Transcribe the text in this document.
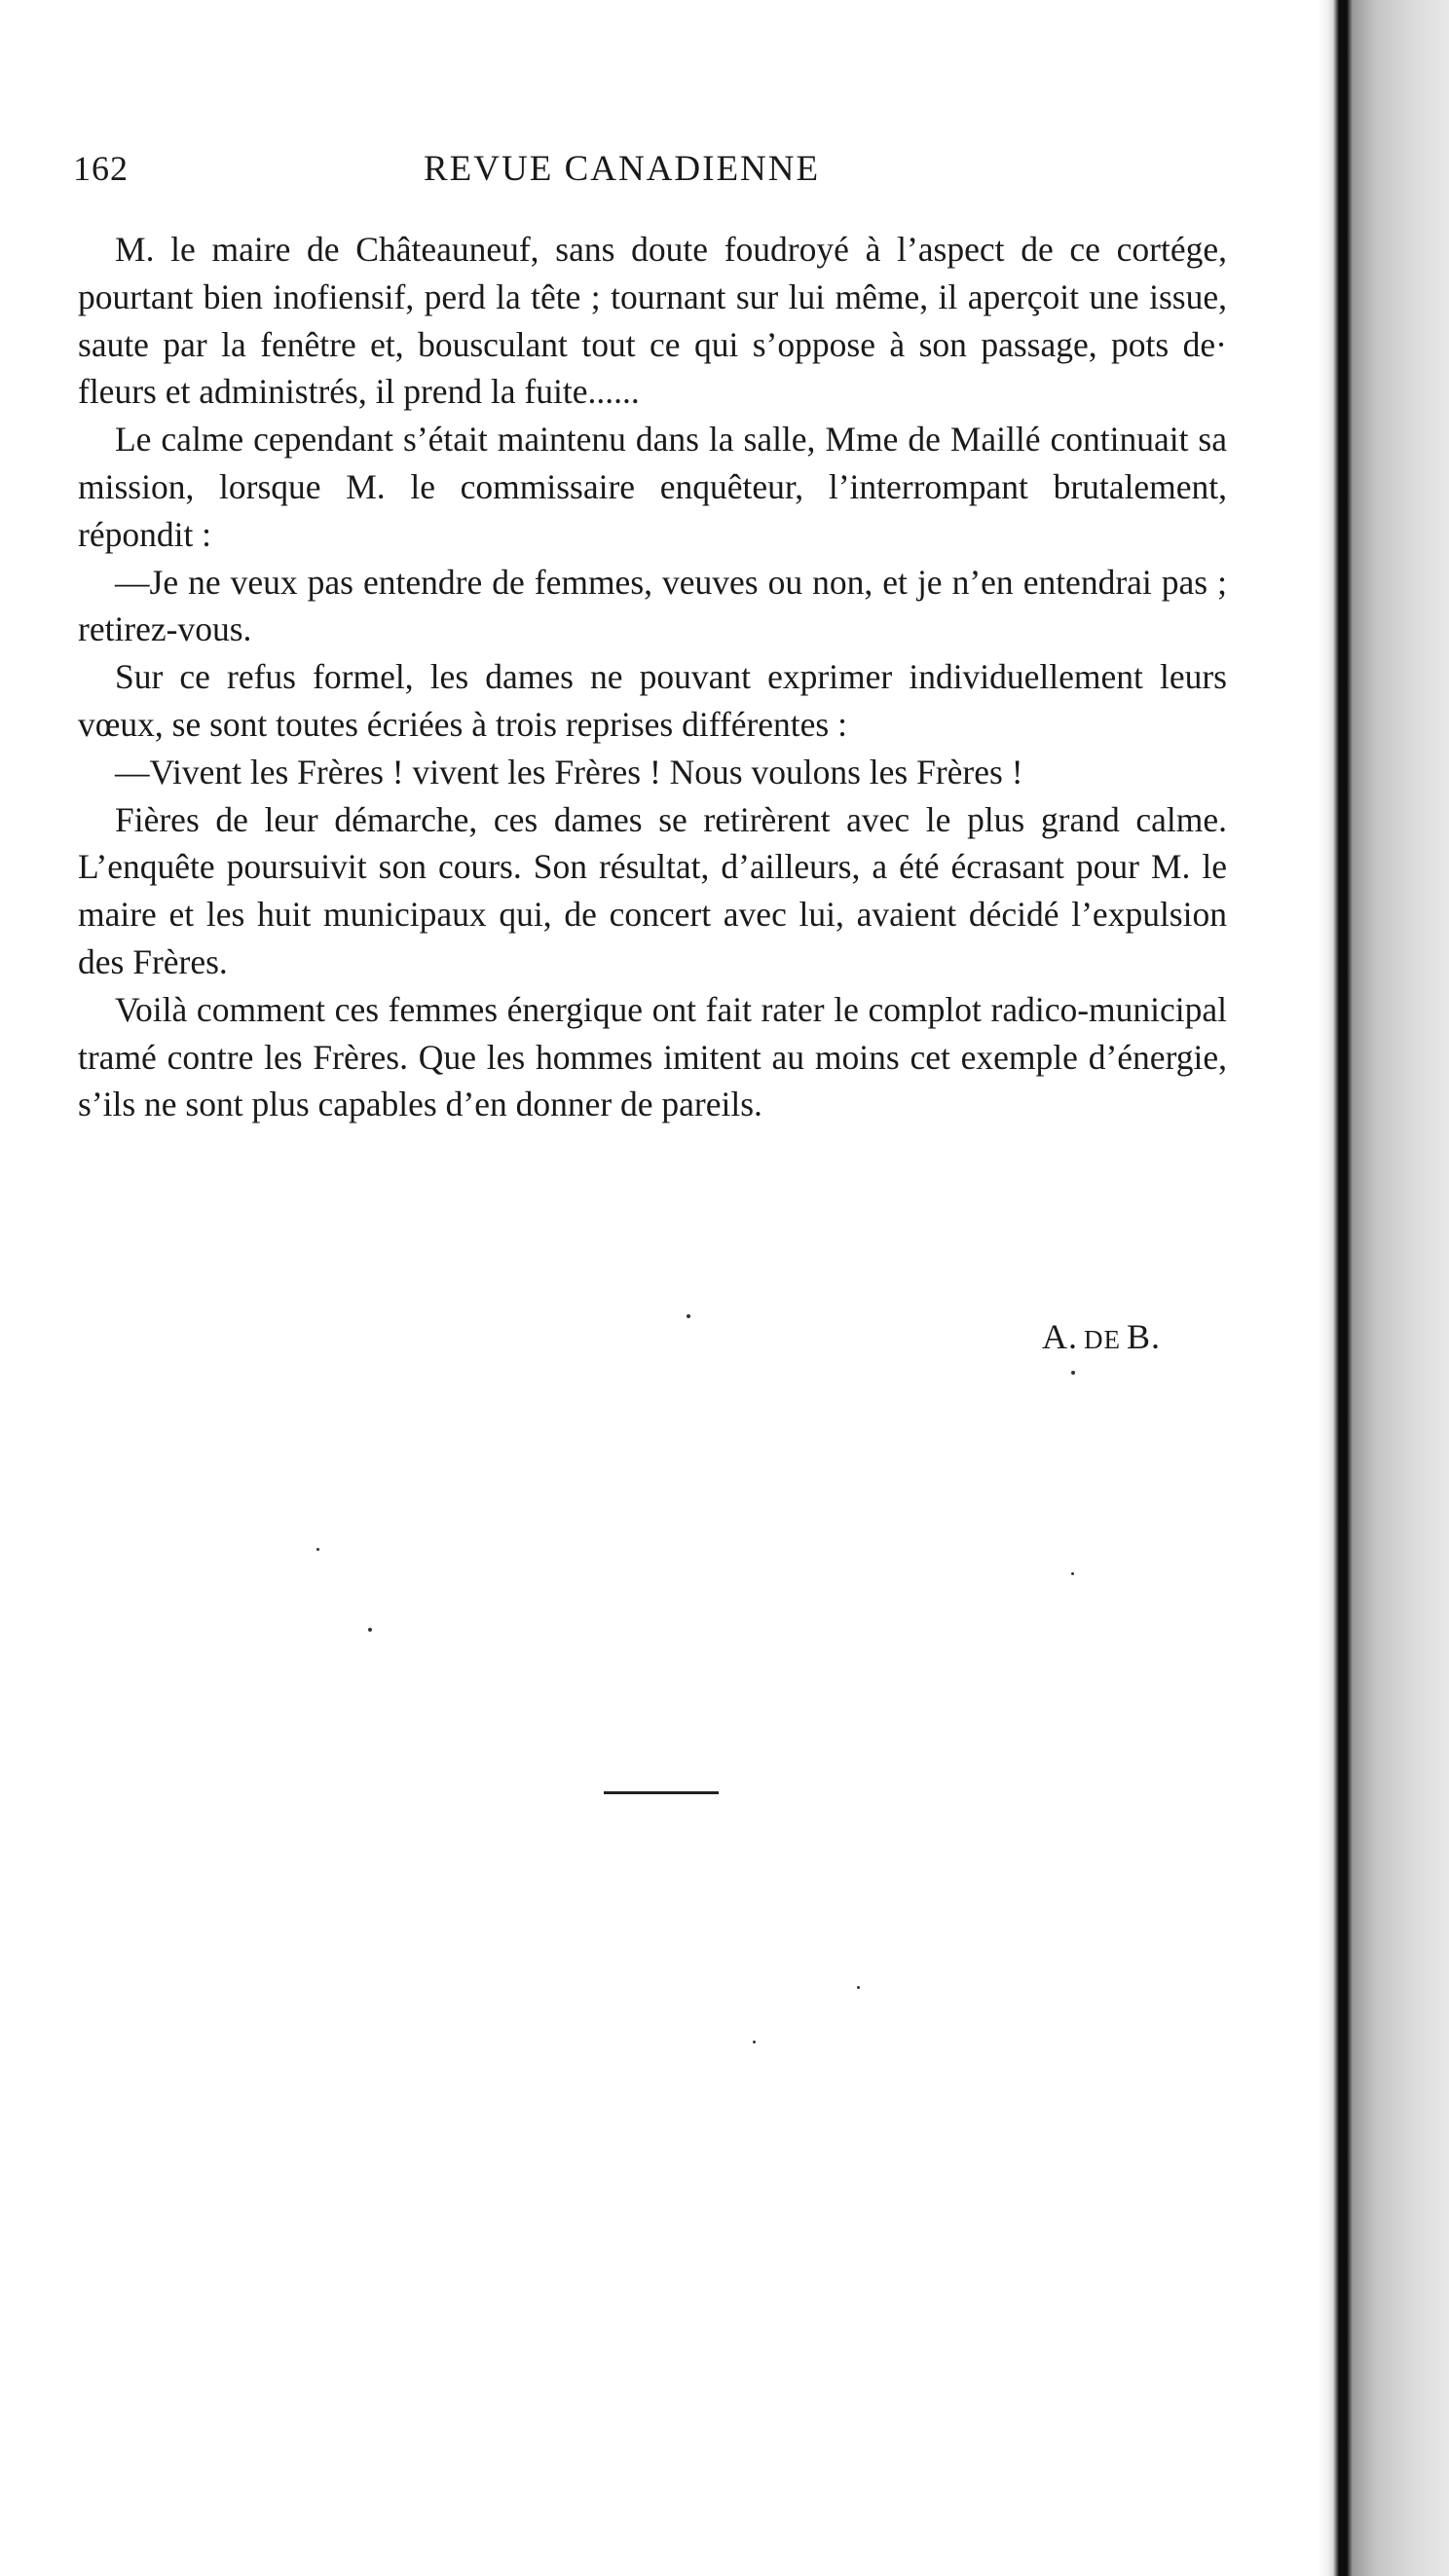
162	REVUE CANADIENNE

M. le maire de Châteauneuf, sans doute foudroyé à l’aspect de ce cortége, pourtant bien inofiensif, perd la tête ; tournant sur lui même, il aperçoit une issue, saute par la fenêtre et, bousculant tout ce qui s’oppose à son passage, pots de· fleurs et administrés, il prend la fuite......

Le calme cependant s’était maintenu dans la salle, Mme de Maillé continuait sa mission, lorsque M. le commissaire enquêteur, l’interrompant brutalement, répondit :

—Je ne veux pas entendre de femmes, veuves ou non, et je n’en entendrai pas ; retirez-vous.

Sur ce refus formel, les dames ne pouvant exprimer individuellement leurs vœux, se sont toutes écriées à trois reprises différentes :

—Vivent les Frères ! vivent les Frères ! Nous voulons les Frères !

Fières de leur démarche, ces dames se retirèrent avec le plus grand calme. L’enquête poursuivit son cours. Son résultat, d’ailleurs, a été écrasant pour M. le maire et les huit municipaux qui, de concert avec lui, avaient décidé l’expulsion des Frères.

Voilà comment ces femmes énergique ont fait rater le complot radico-municipal tramé contre les Frères. Que les hommes imitent au moins cet exemple d’énergie, s’ils ne sont plus capables d’en donner de pareils.

A. DE B.
